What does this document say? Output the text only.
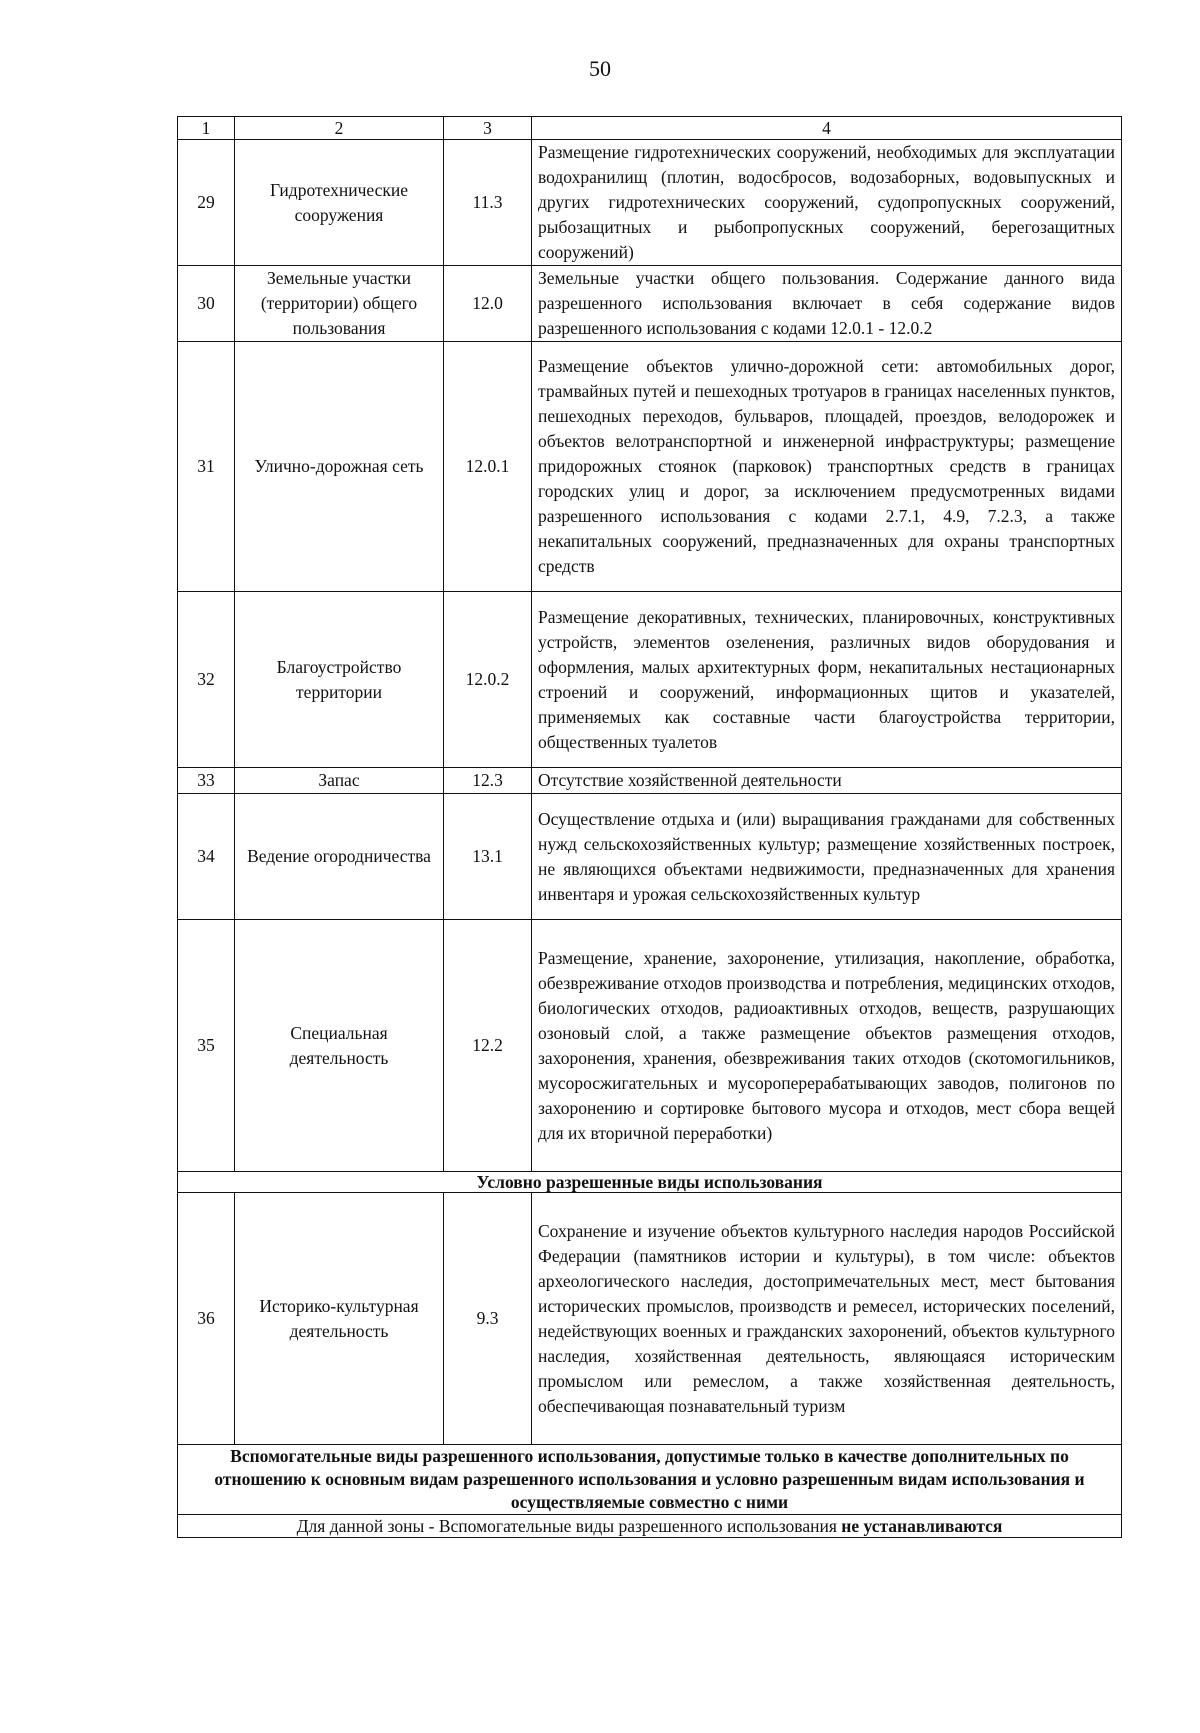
50
1	2	3	4
29	Гидротехнические сооружения	11.3	Размещение гидротехнических сооружений, необходимых для эксплуатации водохранилищ (плотин, водосбросов, водозаборных, водовыпускных и других гидротехнических сооружений, судопропускных сооружений, рыбозащитных и рыбопропускных сооружений, берегозащитных сооружений)
30	Земельные участки (территории) общего пользования	12.0	Земельные участки общего пользования. Содержание данного вида разрешенного использования включает в себя содержание видов разрешенного использования с кодами 12.0.1 - 12.0.2
31	Улично-дорожная сеть	12.0.1	Размещение объектов улично-дорожной сети: автомобильных дорог, трамвайных путей и пешеходных тротуаров в границах населенных пунктов, пешеходных переходов, бульваров, площадей, проездов, велодорожек и объектов велотранспортной и инженерной инфраструктуры; размещение придорожных стоянок (парковок) транспортных средств в границах городских улиц и дорог, за исключением предусмотренных видами разрешенного использования с кодами 2.7.1, 4.9, 7.2.3, а также некапитальных сооружений, предназначенных для охраны транспортных средств
32	Благоустройство территории	12.0.2	Размещение декоративных, технических, планировочных, конструктивных устройств, элементов озеленения, различных видов оборудования и оформления, малых архитектурных форм, некапитальных нестационарных строений и сооружений, информационных щитов и указателей, применяемых как составные части благоустройства территории, общественных туалетов
33	Запас	12.3	Отсутствие хозяйственной деятельности
34	Ведение огородничества	13.1	Осуществление отдыха и (или) выращивания гражданами для собственных нужд сельскохозяйственных культур; размещение хозяйственных построек, не являющихся объектами недвижимости, предназначенных для хранения инвентаря и урожая сельскохозяйственных культур
35	Специальная деятельность	12.2	Размещение, хранение, захоронение, утилизация, накопление, обработка, обезвреживание отходов производства и потребления, медицинских отходов, биологических отходов, радиоактивных отходов, веществ, разрушающих озоновый слой, а также размещение объектов размещения отходов, захоронения, хранения, обезвреживания таких отходов (скотомогильников, мусоросжигательных и мусороперерабатывающих заводов, полигонов по захоронению и сортировке бытового мусора и отходов, мест сбора вещей для их вторичной переработки)
Условно разрешенные виды использования			
36	Историко-культурная деятельность	9.3	Сохранение и изучение объектов культурного наследия народов Российской Федерации (памятников истории и культуры), в том числе: объектов археологического наследия, достопримечательных мест, мест бытования исторических промыслов, производств и ремесел, исторических поселений, недействующих военных и гражданских захоронений, объектов культурного наследия, хозяйственная деятельность, являющаяся историческим промыслом или ремеслом, а также хозяйственная деятельность, обеспечивающая познавательный туризм
Вспомогательные виды разрешенного использования, допустимые только в качестве дополнительных по отношению к основным видам разрешенного использования и условно разрешенным видам использования и осуществляемые совместно с ними			
Для данной зоны - Вспомогательные виды разрешенного использования не устанавливаются			
